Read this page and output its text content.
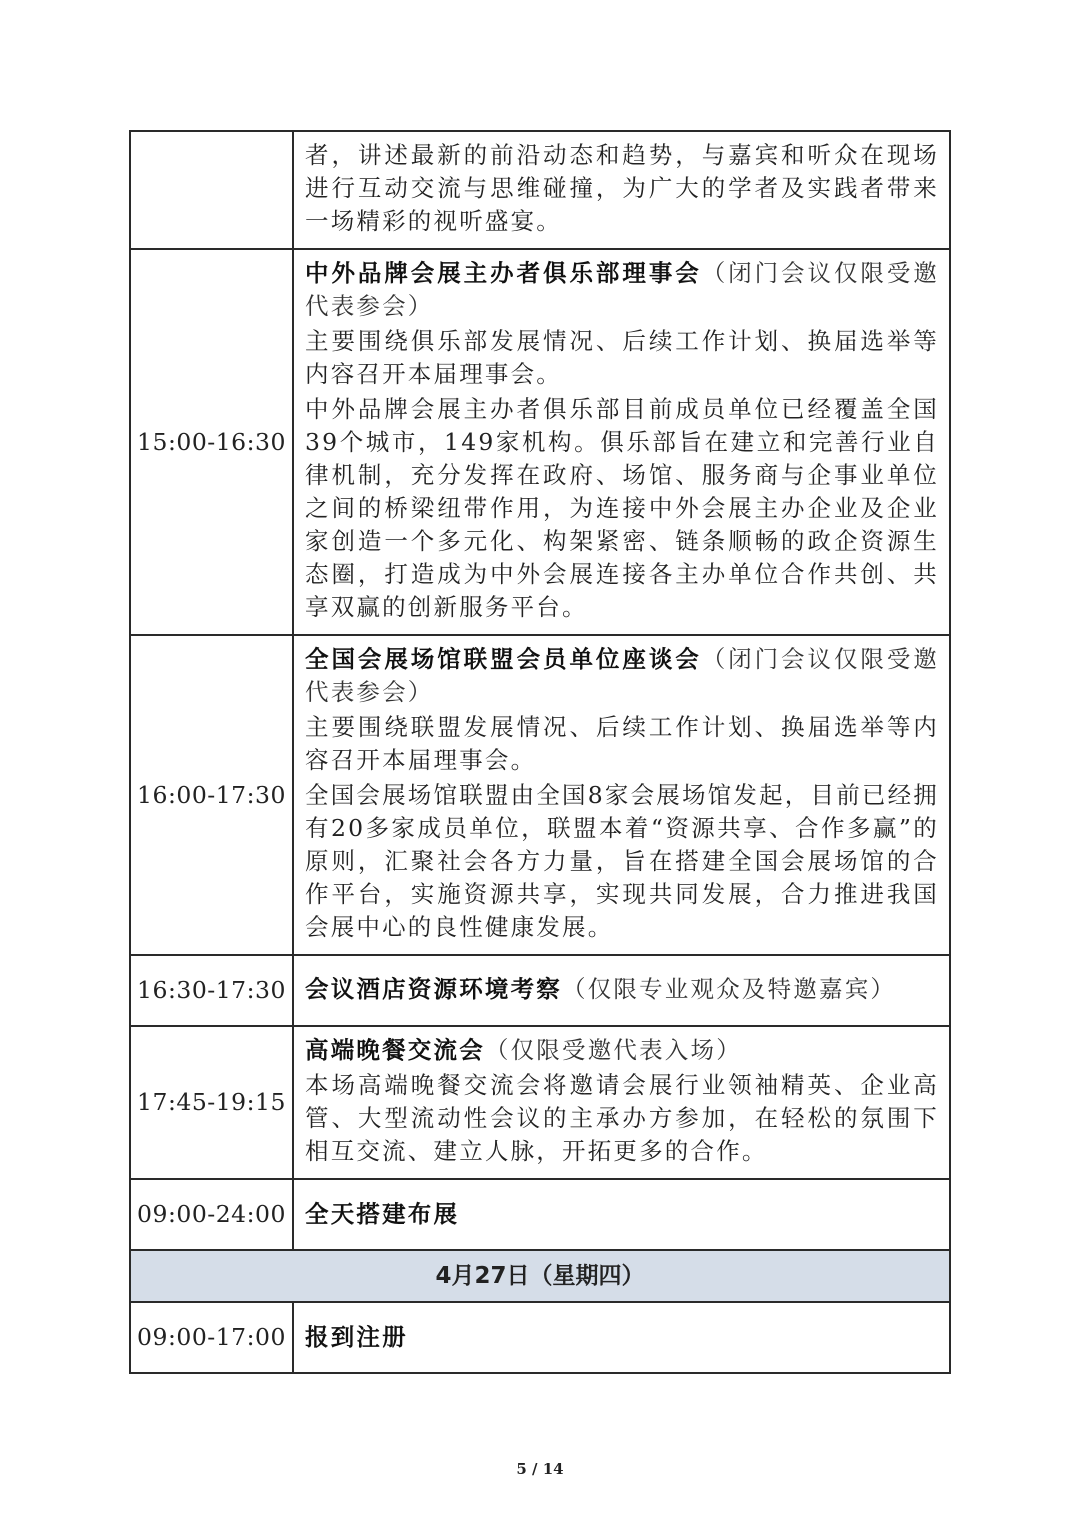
	者，讲述最新的前沿动态和趋势，与嘉宾和听众在现场进行互动交流与思维碰撞，为广大的学者及实践者带来一场精彩的视听盛宴。

15:00-16:30	中外品牌会展主办者俱乐部理事会（闭门会议仅限受邀代表参会）
主要围绕俱乐部发展情况、后续工作计划、换届选举等内容召开本届理事会。
中外品牌会展主办者俱乐部目前成员单位已经覆盖全国39个城市，149家机构。俱乐部旨在建立和完善行业自律机制，充分发挥在政府、场馆、服务商与企事业单位之间的桥梁纽带作用，为连接中外会展主办企业及企业家创造一个多元化、构架紧密、链条顺畅的政企资源生态圈，打造成为中外会展连接各主办单位合作共创、共享双赢的创新服务平台。

16:00-17:30	全国会展场馆联盟会员单位座谈会（闭门会议仅限受邀代表参会）
主要围绕联盟发展情况、后续工作计划、换届选举等内容召开本届理事会。
全国会展场馆联盟由全国8家会展场馆发起，目前已经拥有20多家成员单位，联盟本着“资源共享、合作多赢”的原则，汇聚社会各方力量，旨在搭建全国会展场馆的合作平台，实施资源共享，实现共同发展，合力推进我国会展中心的良性健康发展。

16:30-17:30	会议酒店资源环境考察（仅限专业观众及特邀嘉宾）

17:45-19:15	高端晚餐交流会（仅限受邀代表入场）
本场高端晚餐交流会将邀请会展行业领袖精英、企业高管、大型流动性会议的主承办方参加，在轻松的氛围下相互交流、建立人脉，开拓更多的合作。

09:00-24:00	全天搭建布展
4月27日（星期四）	
09:00-17:00	报到注册
5 / 14
